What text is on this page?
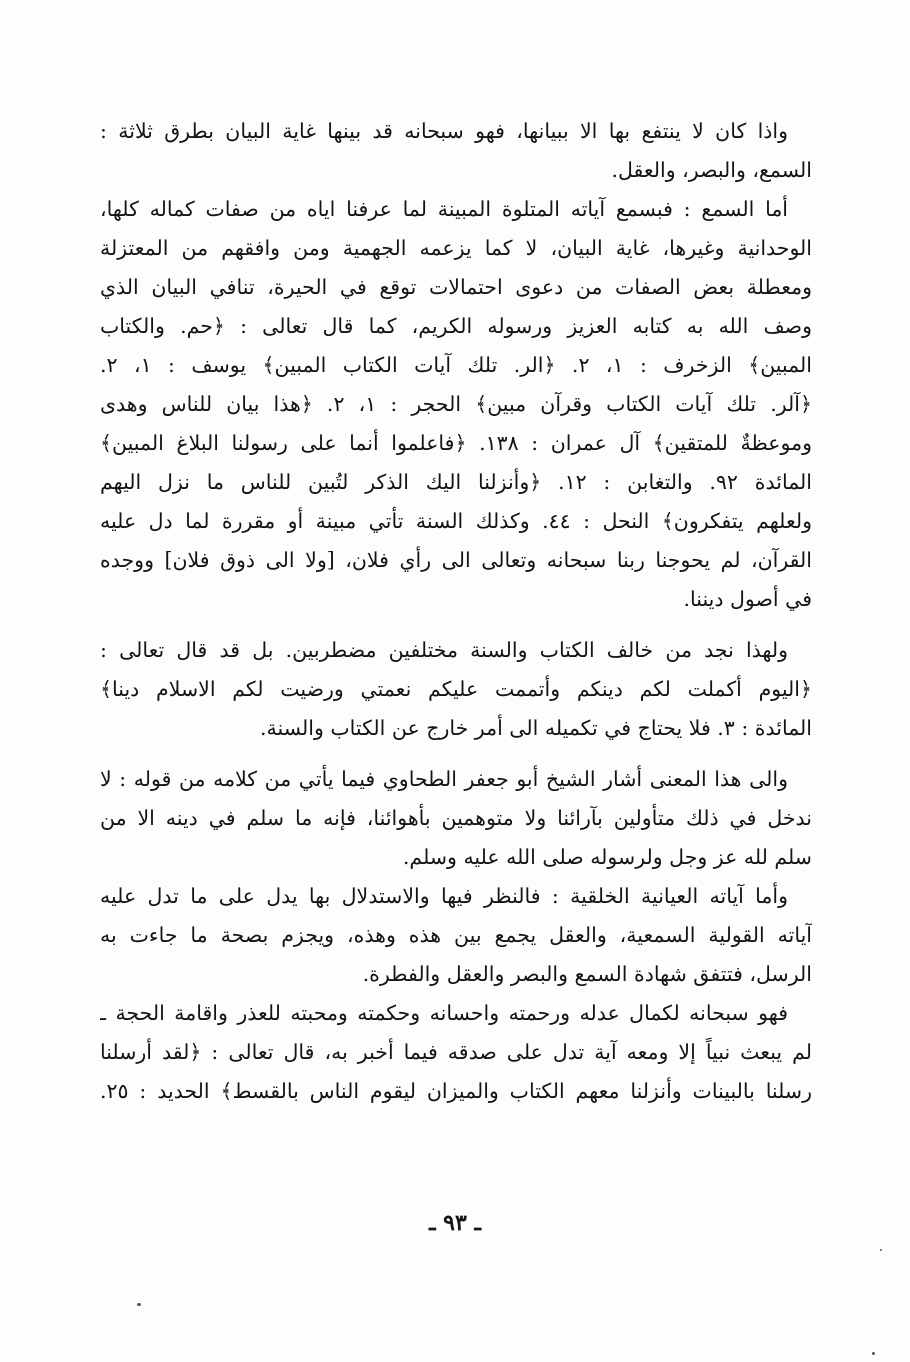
واذا كان لا ينتفع بها الا ببيانها، فهو سبحانه قد بينها غاية البيان بطرق ثلاثة :
السمع، والبصر، والعقل.
أما السمع : فبسمع آياته المتلوة المبينة لما عرفنا اياه من صفات كماله كلها،
الوحدانية وغيرها، غاية البيان، لا كما يزعمه الجهمية ومن وافقهم من المعتزلة
ومعطلة بعض الصفات من دعوى احتمالات توقع في الحيرة، تنافي البيان الذي
وصف الله به كتابه العزيز ورسوله الكريم، كما قال تعالى : ﴿حم. والكتاب
المبين﴾ الزخرف : ١، ٢. ﴿الر. تلك آيات الكتاب المبين﴾ يوسف : ١، ٢.
﴿آلر. تلك آيات الكتاب وقرآن مبين﴾ الحجر : ١، ٢. ﴿هذا بيان للناس وهدى
وموعظةٌ للمتقين﴾ آل عمران : ١٣٨. ﴿فاعلموا أنما على رسولنا البلاغ المبين﴾
المائدة ٩٢. والتغابن : ١٢. ﴿وأنزلنا اليك الذكر لتُبين للناس ما نزل اليهم
ولعلهم يتفكرون﴾ النحل : ٤٤. وكذلك السنة تأتي مبينة أو مقررة لما دل عليه
القرآن، لم يحوجنا ربنا سبحانه وتعالى الى رأي فلان، [ولا الى ذوق فلان] ووجده
في أصول ديننا.
ولهذا نجد من خالف الكتاب والسنة مختلفين مضطربين. بل قد قال تعالى :
﴿اليوم أكملت لكم دينكم وأتممت عليكم نعمتي ورضيت لكم الاسلام دينا﴾
المائدة : ٣. فلا يحتاج في تكميله الى أمر خارج عن الكتاب والسنة.
والى هذا المعنى أشار الشيخ أبو جعفر الطحاوي فيما يأتي من كلامه من قوله : لا
ندخل في ذلك متأولين بآرائنا ولا متوهمين بأهوائنا، فإنه ما سلم في دينه الا من
سلم لله عز وجل ولرسوله صلى الله عليه وسلم.
وأما آياته العيانية الخلقية : فالنظر فيها والاستدلال بها يدل على ما تدل عليه
آياته القولية السمعية، والعقل يجمع بين هذه وهذه، ويجزم بصحة ما جاءت به
الرسل، فتتفق شهادة السمع والبصر والعقل والفطرة.
فهو سبحانه لكمال عدله ورحمته واحسانه وحكمته ومحبته للعذر واقامة الحجة ـ
لم يبعث نبياً إلا ومعه آية تدل على صدقه فيما أخبر به، قال تعالى : ﴿لقد أرسلنا
رسلنا بالبينات وأنزلنا معهم الكتاب والميزان ليقوم الناس بالقسط﴾ الحديد : ٢٥.
ـ ٩٣ ـ
